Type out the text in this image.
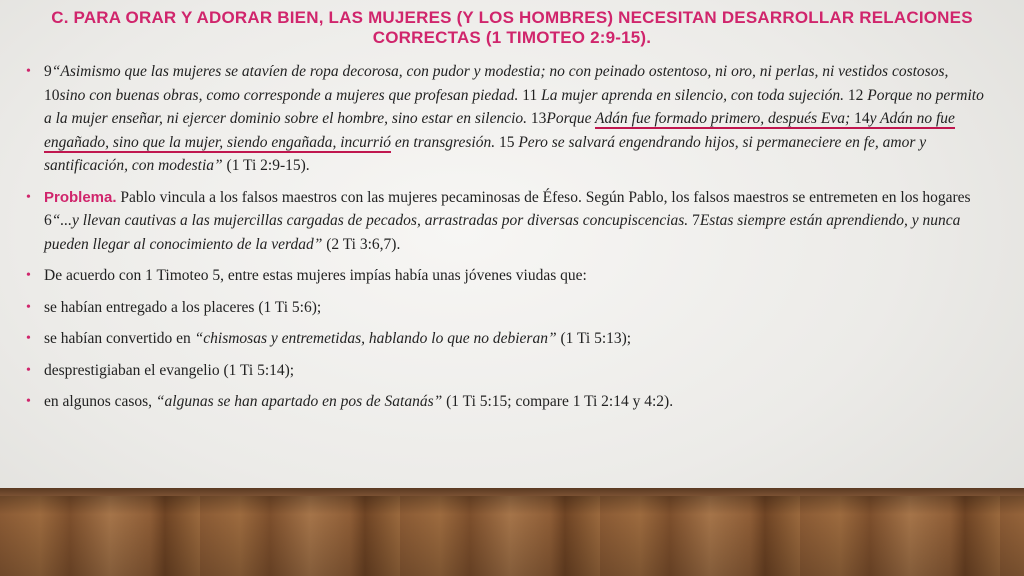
C. PARA ORAR Y ADORAR BIEN, LAS MUJERES (Y LOS HOMBRES) NECESITAN DESARROLLAR RELACIONES CORRECTAS (1 TIMOTEO 2:9-15).
• 9“Asimismo que las mujeres se atavíen de ropa decorosa, con pudor y modestia; no con peinado ostentoso, ni oro, ni perlas, ni vestidos costosos, 10sino con buenas obras, como corresponde a mujeres que profesan piedad. 11 La mujer aprenda en silencio, con toda sujeción. 12 Porque no permito a la mujer enseñar, ni ejercer dominio sobre el hombre, sino estar en silencio. 13Porque Adán fue formado primero, después Eva; 14y Adán no fue engañado, sino que la mujer, siendo engañada, incurrió en transgresión. 15 Pero se salvará engendrando hijos, si permaneciere en fe, amor y santificación, con modestia” (1 Ti 2:9-15).
• Problema. Pablo vincula a los falsos maestros con las mujeres pecaminosas de Éfeso. Según Pablo, los falsos maestros se entremeten en los hogares 6“...y llevan cautivas a las mujercillas cargadas de pecados, arrastradas por diversas concupiscencias. 7Estas siempre están aprendiendo, y nunca pueden llegar al conocimiento de la verdad” (2 Ti 3:6,7).
• De acuerdo con 1 Timoteo 5, entre estas mujeres impías había unas jóvenes viudas que:
• se habían entregado a los placeres (1 Ti 5:6);
• se habían convertido en “chismosas y entremetidas, hablando lo que no debieran” (1 Ti 5:13);
• desprestigiaban el evangelio (1 Ti 5:14);
• en algunos casos, “algunas se han apartado en pos de Satanás” (1 Ti 5:15; compare 1 Ti 2:14 y 4:2).
